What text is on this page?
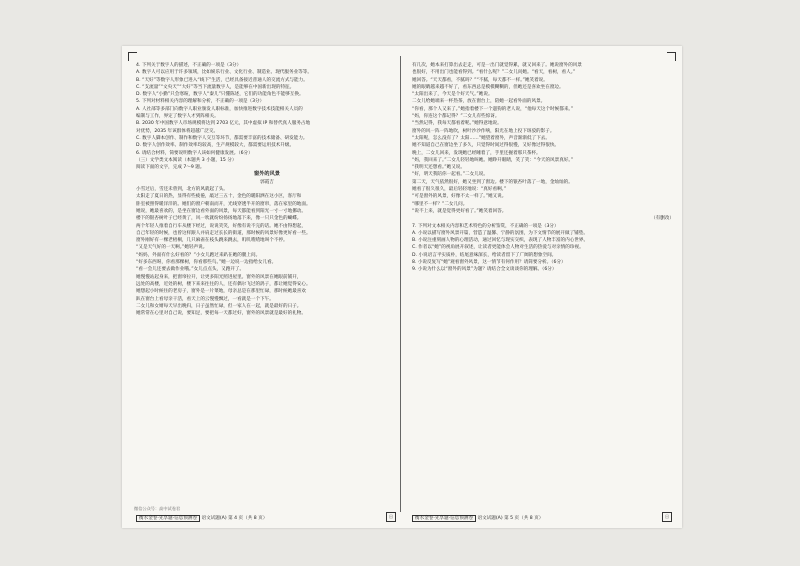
4. 下列关于数字人的描述，不正确的一项是（3分）

A. 数字人可以应用于许多领域，比如娱乐行业、文化行业、制造业、现代服务业等等。

B. “天好”等数字人形象已进入“线下”生活，已经具备接近普通人的交流方式与能力。

C. “支流量”“文央天”“大好”等当下流量数字人，是能够在中国新出现的特征。

D. 数字人“小勤”只会寒暄，数字人“秦儿”只懂陈述，它们的功能角色不能够互换。

5. 下列对材料相关内容的理解和分析，不正确的一项是（3分）

A. 人社部等多部门向数字人职业颁发人职标准，加快推进数字技术技能相关人员的

编制与工作，界定了数字人才到阵相关。

B. 2030 年中国数字人市场规模将达到 2703 亿元，其中虚拟 IP 和替代真人服务占地

对优势，2035 年该群体将超越广泛交。

C. 数字人脚本创作、制作和数字人交互等环节，都需要丰富的技术储备、研发能力。

D. 数字人创作效率、制作效率均较高，生产规模较大，都需要运用技术升级。

6. 请结合材料，简要说明数字人该如何健康发展。（6分）

（三）文学类文本阅读（本题共 3 小题，15 分）

阅读下面的文字，完成 7～9 题。

窗外的风景

郭霞吉

小雪过后，雪还未曾到，北方的风就起了头。

太阳走了夏日的热，显得有些疲倦，敲过三五十，金色的暖阳洒在这小区，客厅和

卧室被照得暖洋洋的。她们的窗户朝南而开，光线穿透半开的窗帘，落在家里的地面。

她说，她最喜欢的，是坐在窗边看外面的风景，每天都能看到阳光一寸一寸地挪动。

楼下的银杏树叶子已经黄了，风一吹就纷纷扬扬地落下来，像一只只金色的蝴蝶。

两个年轻人推着自行车从楼下经过，说说笑笑，好像有说不完的话。她不由得想起，

自己年轻的时候，也曾这样跟人并肩走过长长的街道，那时候的风景好像更好看一些。

窗外刚好有一棵老梧桐，几只麻雀在枝头跳来跳去，叽叽喳喳地叫个不停。

“又是天气好的一天啊。”她轻声说。

“妈妈，外面有什么好看的？”小女儿跑过来趴在她的腿上问。

“好多东西呀，你看那棵树，你看那些鸟。”她一边说一边指给女儿看。

“看一会儿还要去做作业哦。”女儿点点头，又跑开了。

她慢慢站起身来，把窗帘拉开，让更多阳光照进屋里。窗外的风景在她眼前铺开，

远处的高楼，近处的树，楼下来来往往的人，还有偶尔飞过的鸽子，都让她觉得安心。

她想起小时候住的老房子，窗外是一片菜地，母亲总是在那里忙碌，那时候她最喜欢

趴在窗台上看母亲干活，看天上的云慢慢飘过，一看就是一个下午。

二女儿和女婿每天早出晚归，日子虽然忙碌，但一家人在一起，就是最好的日子。

她常常在心里对自己说，要知足，要把每一天都过好，窗外的风景就是最好的礼物。

有几次，她本来打算出去走走，可是一出门就觉得累，就又回来了。她说窗外的风景

也很好，不用出门也能看得到。“看什么呢？”二女儿问她。“看天，看树，看人。”

她回答。“天天都看，不腻吗？”“不腻，每天都不一样。”她笑着说。

她的眼睛越来越不好了，看东西总是模模糊糊的，但她还是喜欢坐在窗边。

“太阳出来了，今天是个好天气。”她说。

二女儿给她端来一杯热茶，放在窗台上，陪她一起看外面的风景。

“你看，那个人又来了。”她指着楼下一个遛狗的老人说，“他每天这个时候都来。”

“妈，你连这个都记得？”二女儿有些惊讶。

“当然记得，我每天都看着呢。”她得意地说。

窗外的风一阵一阵地吹，树叶沙沙作响，阳光在地上投下斑驳的影子。

“太阳呢，怎么没有了？太阳……”她望着窗外，声音渐渐低了下去。

她不知道自己在窗边坐了多久，只觉得时间过得很慢，又好像过得很快。

晚上，二女儿回来，发现她已经睡着了，手里还握着那只茶杯。

“妈，我回来了。”二女儿轻轻地叫她。她睁开眼睛，笑了笑：“今天的风景真好。”

“我明天还想看。”她又说。

“好，明天我陪你一起看。”二女儿说。

第二天，天气依然很好，她又坐到了窗边。楼下的银杏叶落了一地，金灿灿的。

她看了很久很久，最后轻轻地说：“真好看啊。”

“可是窗外的风景，好像不太一样了。”她又说。

“哪里不一样？”二女儿问。

“说不上来，就是觉得更好看了。”她笑着回答。

（有删改）

7. 下列对文本相关内容和艺术特色的分析鉴赏，不正确的一项是（3分）

A. 小说以描写窗外风景开篇，营造了温馨、宁静的氛围，为下文情节的展开做了铺垫。

B. 小说注重刻画人物的心理活动，通过回忆与现实交织，表现了人物丰富的内心世界。

C. 作者以“她”的视角展开叙述，让读者更能体会人物对生活的热爱与对亲情的珍视。

D. 小说语言平实质朴，结尾意味深长，给读者留下了广阔的想象空间。

8. 小说反复写“她”观看窗外风景，这一情节有何作用？请简要分析。（6分）

9. 小说为什么以“窗外的风景”为题？请结合全文谈谈你的理解。（6分）

微信公众号：高中试卷君
衡水金卷·先享题·信息预测卷 语文试题(A) 第 4 页（共 8 页）	日	衡水金卷·先享题·信息预测卷 语文试题(A) 第 5 页（共 8 页）	日
